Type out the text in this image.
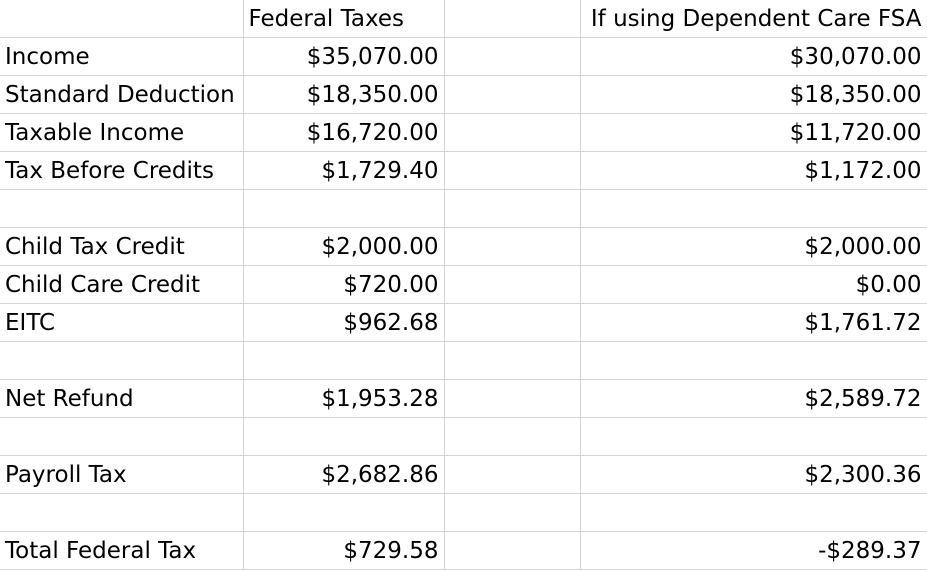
	Federal Taxes		If using Dependent Care FSA
Income	$35,070.00		$30,070.00
Standard Deduction	$18,350.00		$18,350.00
Taxable Income	$16,720.00		$11,720.00
Tax Before Credits	$1,729.40		$1,172.00

Child Tax Credit	$2,000.00		$2,000.00
Child Care Credit	$720.00		$0.00
EITC	$962.68		$1,761.72

Net Refund	$1,953.28		$2,589.72

Payroll Tax	$2,682.86		$2,300.36

Total Federal Tax	$729.58		-$289.37
